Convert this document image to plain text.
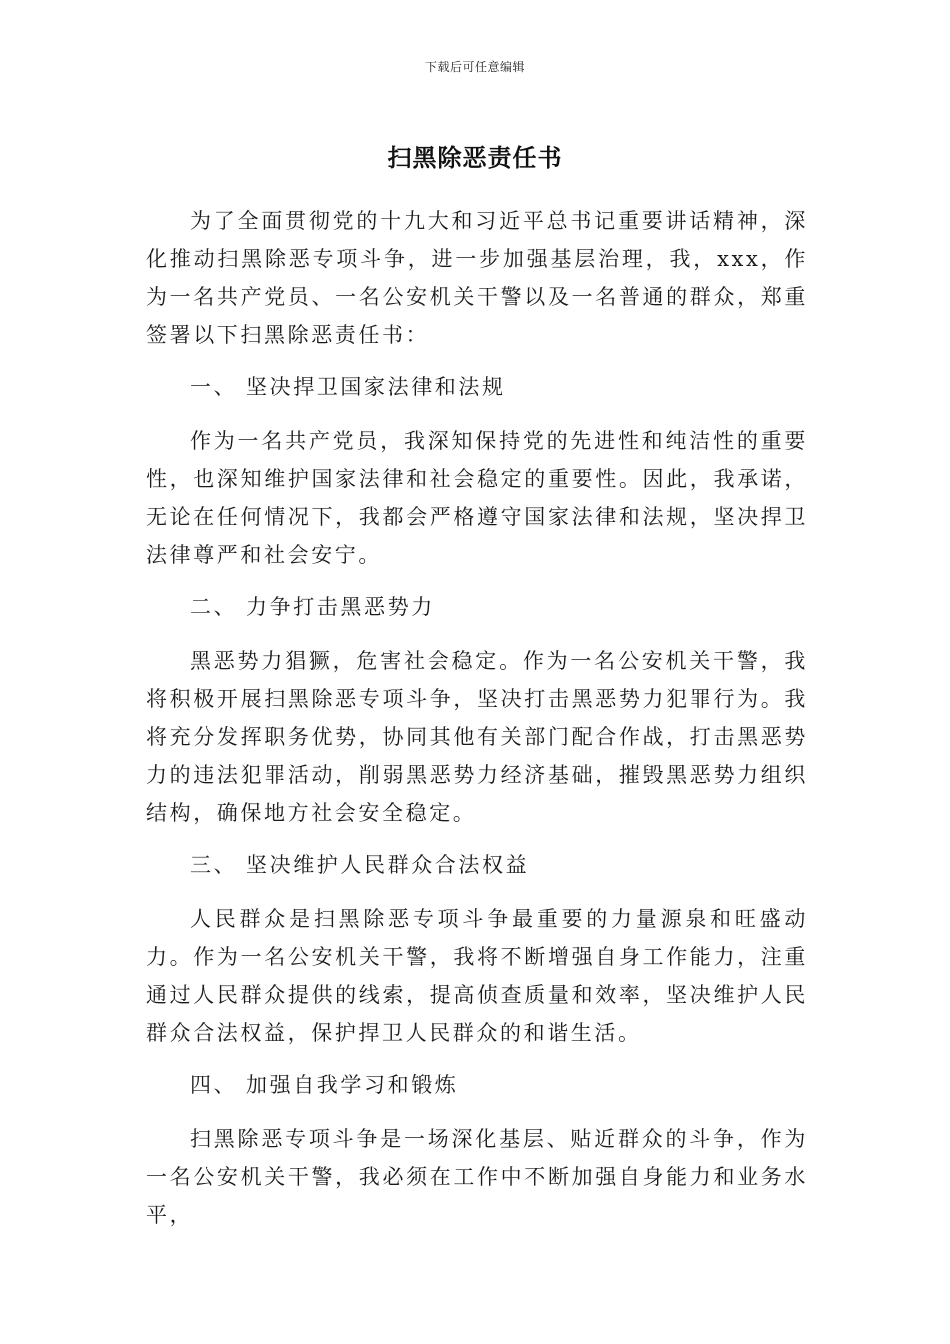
下载后可任意编辑
扫黑除恶责任书

为了全面贯彻党的十九大和习近平总书记重要讲话精神，深化推动扫黑除恶专项斗争，进一步加强基层治理，我，xxx，作为一名共产党员、一名公安机关干警以及一名普通的群众，郑重签署以下扫黑除恶责任书：

一、 坚决捍卫国家法律和法规

作为一名共产党员，我深知保持党的先进性和纯洁性的重要性，也深知维护国家法律和社会稳定的重要性。因此，我承诺，无论在任何情况下，我都会严格遵守国家法律和法规，坚决捍卫法律尊严和社会安宁。

二、 力争打击黑恶势力

黑恶势力猖獗，危害社会稳定。作为一名公安机关干警，我将积极开展扫黑除恶专项斗争，坚决打击黑恶势力犯罪行为。我将充分发挥职务优势，协同其他有关部门配合作战，打击黑恶势力的违法犯罪活动，削弱黑恶势力经济基础，摧毁黑恶势力组织结构，确保地方社会安全稳定。

三、 坚决维护人民群众合法权益

人民群众是扫黑除恶专项斗争最重要的力量源泉和旺盛动力。作为一名公安机关干警，我将不断增强自身工作能力，注重通过人民群众提供的线索，提高侦查质量和效率，坚决维护人民群众合法权益，保护捍卫人民群众的和谐生活。

四、 加强自我学习和锻炼

扫黑除恶专项斗争是一场深化基层、贴近群众的斗争，作为一名公安机关干警，我必须在工作中不断加强自身能力和业务水平，
